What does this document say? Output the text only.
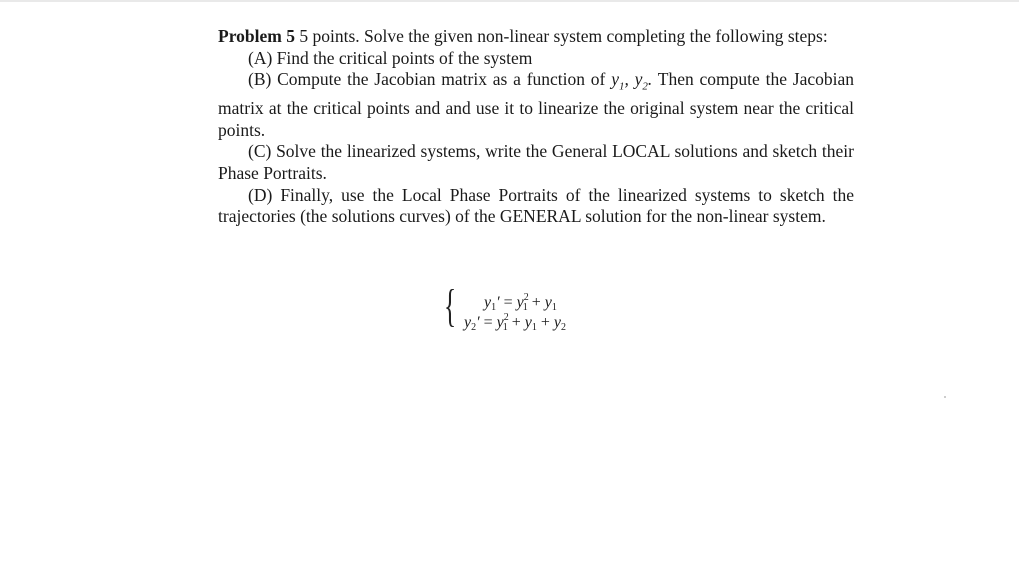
Problem 5 5 points. Solve the given non-linear system completing the following steps:

(A) Find the critical points of the system

(B) Compute the Jacobian matrix as a function of $y_1$, $y_2$. Then compute the Jacobian matrix at the critical points and and use it to linearize the original system near the critical points.

(C) Solve the linearized systems, write the General LOCAL solutions and sketch their Phase Portraits.

(D) Finally, use the Local Phase Portraits of the linearized systems to sketch the trajectories (the solutions curves) of the GENERAL solution for the non-linear system.

{ $y_1' = y^2_1 + y_1$
$y_2' = y^2_1 + y_1 + y_2$
